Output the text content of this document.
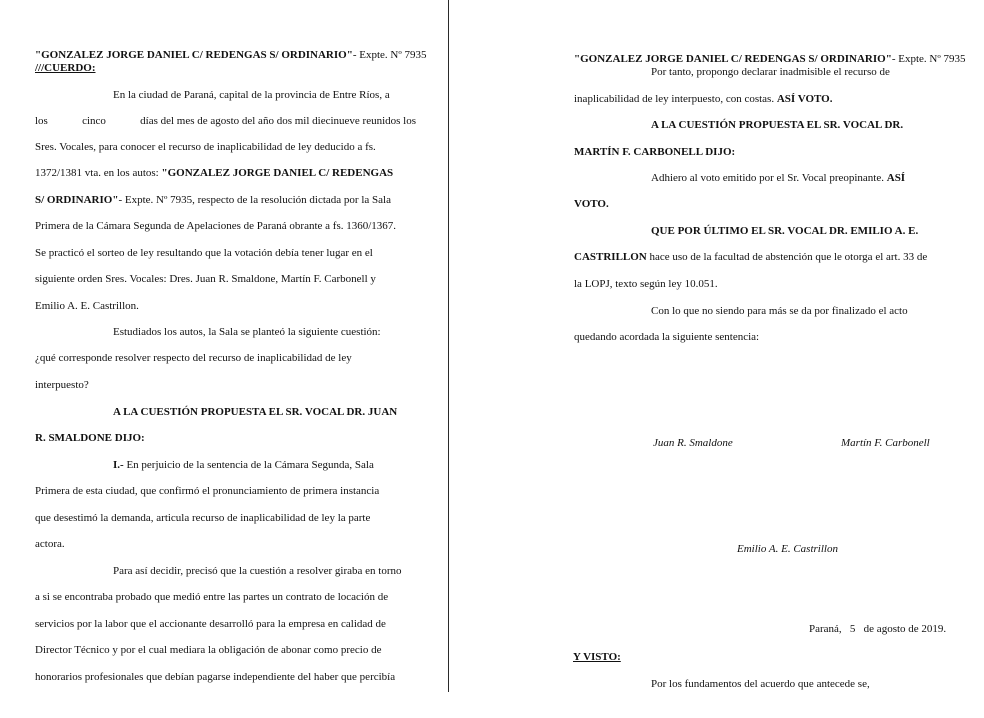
"GONZALEZ JORGE DANIEL C/ REDENGAS S/ ORDINARIO"- Expte. Nº 7935
///CUERDO:
En la ciudad de Paraná, capital de la provincia de Entre Ríos, a
los	cinco	días del mes de agosto del año dos mil diecinueve reunidos los
Sres. Vocales, para conocer el recurso de inaplicabilidad de ley deducido a fs.
1372/1381 vta. en los autos: "GONZALEZ JORGE DANIEL C/ REDENGAS
S/ ORDINARIO"- Expte. Nº 7935, respecto de la resolución dictada por la Sala
Primera de la Cámara Segunda de Apelaciones de Paraná obrante a fs. 1360/1367.
Se practicó el sorteo de ley resultando que la votación debía tener lugar en el
siguiente orden Sres. Vocales: Dres. Juan R. Smaldone, Martín F. Carbonell y
Emilio A. E. Castrillon.
Estudiados los autos, la Sala se planteó la siguiente cuestión:
¿qué corresponde resolver respecto del recurso de inaplicabilidad de ley
interpuesto?
A LA CUESTIÓN PROPUESTA EL SR. VOCAL DR. JUAN
R. SMALDONE DIJO:
I.- En perjuicio de la sentencia de la Cámara Segunda, Sala
Primera de esta ciudad, que confirmó el pronunciamiento de primera instancia
que desestimó la demanda, articula recurso de inaplicabilidad de ley la parte
actora.
Para así decidir, precisó que la cuestión a resolver giraba en torno
a si se encontraba probado que medió entre las partes un contrato de locación de
servicios por la labor que el accionante desarrolló para la empresa en calidad de
Director Técnico y por el cual mediara la obligación de abonar como precio de
honorarios profesionales que debían pagarse independiente del haber que percibía
"GONZALEZ JORGE DANIEL C/ REDENGAS S/ ORDINARIO"- Expte. Nº 7935
Por tanto, propongo declarar inadmisible el recurso de
inaplicabilidad de ley interpuesto, con costas. ASÍ VOTO.
A LA CUESTIÓN PROPUESTA EL SR. VOCAL DR.
MARTÍN F. CARBONELL DIJO:
Adhiero al voto emitido por el Sr. Vocal preopinante. ASÍ
VOTO.
QUE POR ÚLTIMO EL SR. VOCAL DR. EMILIO A. E.
CASTRILLON hace uso de la facultad de abstención que le otorga el art. 33 de
la LOPJ, texto según ley 10.051.
Con lo que no siendo para más se da por finalizado el acto
quedando acordada la siguiente sentencia:
Juan R. Smaldone	Martín F. Carbonell
Emilio A. E. Castrillon
Paraná,   5   de agosto de 2019.
Y VISTO:
Por los fundamentos del acuerdo que antecede se,
